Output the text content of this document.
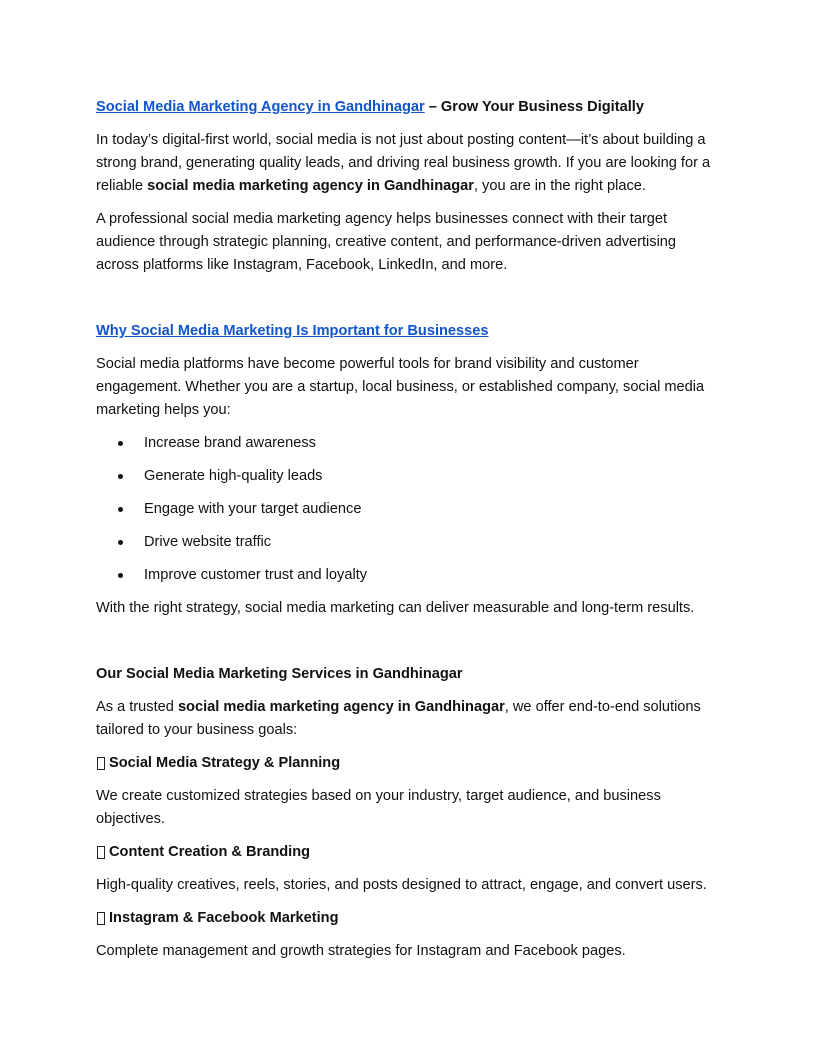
Social Media Marketing Agency in Gandhinagar – Grow Your Business Digitally

In today’s digital-first world, social media is not just about posting content—it’s about building a strong brand, generating quality leads, and driving real business growth. If you are looking for a reliable social media marketing agency in Gandhinagar, you are in the right place.

A professional social media marketing agency helps businesses connect with their target audience through strategic planning, creative content, and performance-driven advertising across platforms like Instagram, Facebook, LinkedIn, and more.

Why Social Media Marketing Is Important for Businesses

Social media platforms have become powerful tools for brand visibility and customer engagement. Whether you are a startup, local business, or established company, social media marketing helps you:

Increase brand awareness
Generate high-quality leads
Engage with your target audience
Drive website traffic
Improve customer trust and loyalty

With the right strategy, social media marketing can deliver measurable and long-term results.

Our Social Media Marketing Services in Gandhinagar

As a trusted social media marketing agency in Gandhinagar, we offer end-to-end solutions tailored to your business goals:

Social Media Strategy & Planning

We create customized strategies based on your industry, target audience, and business objectives.

Content Creation & Branding

High-quality creatives, reels, stories, and posts designed to attract, engage, and convert users.

Instagram & Facebook Marketing

Complete management and growth strategies for Instagram and Facebook pages.
